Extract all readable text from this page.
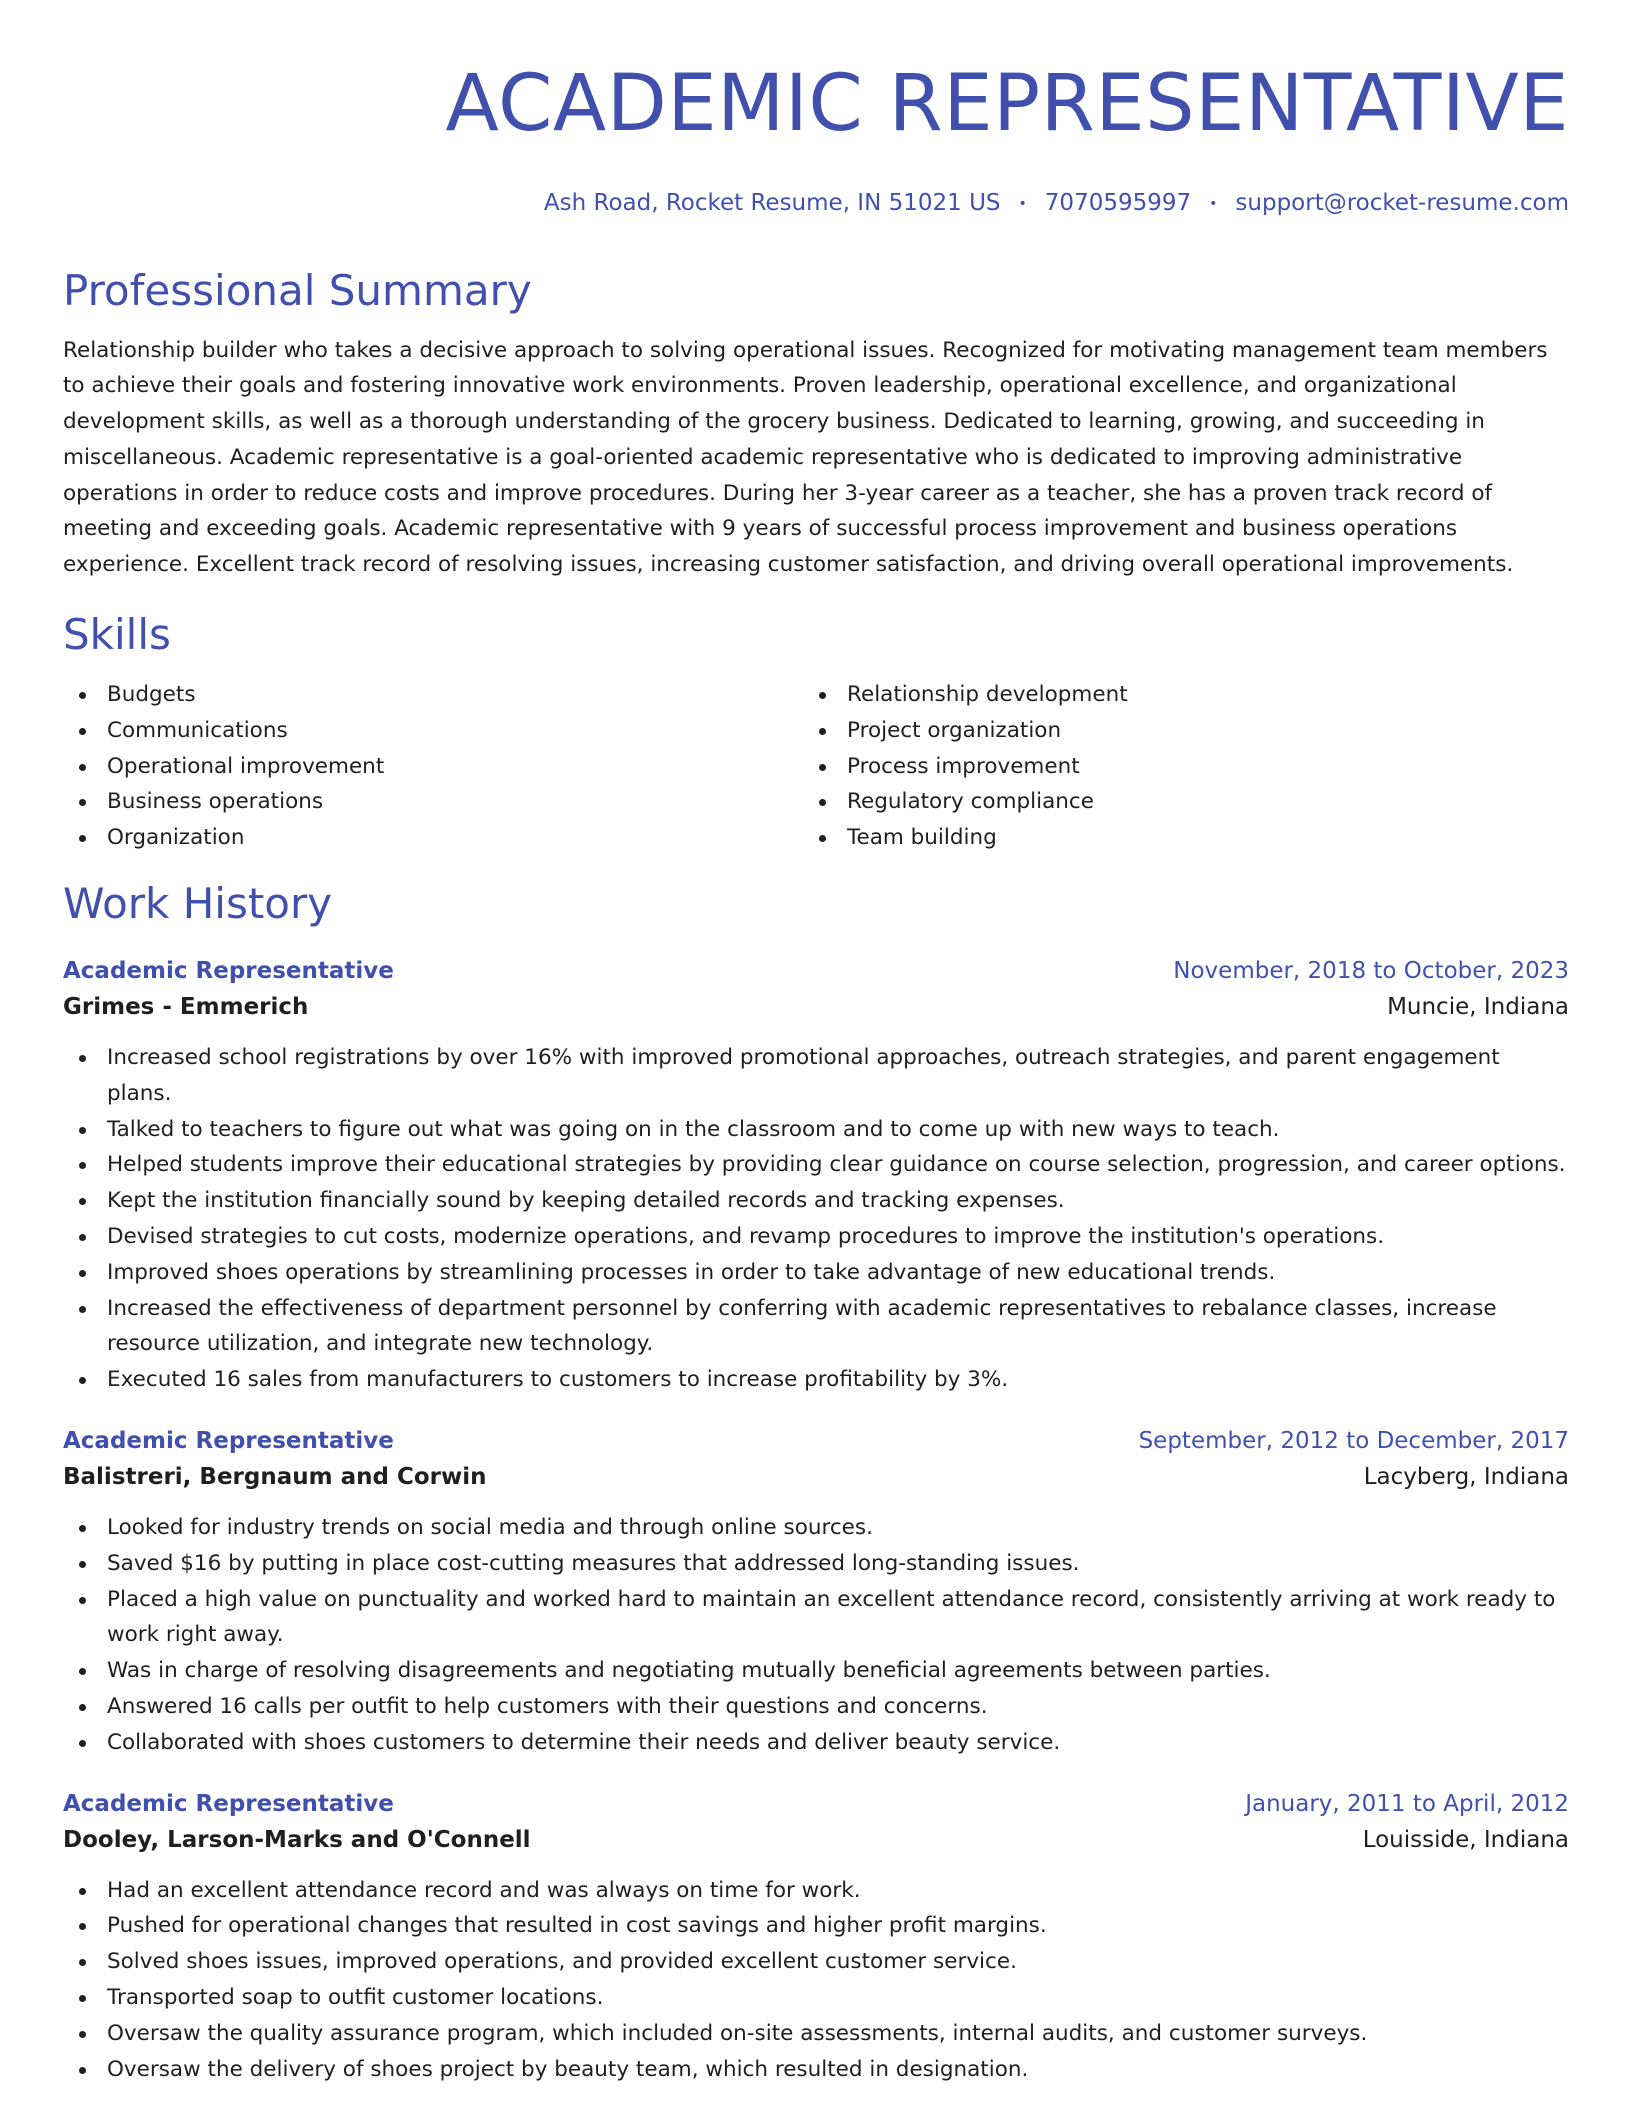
ACADEMIC REPRESENTATIVE
Ash Road, Rocket Resume, IN 51021 US • 7070595997 • support@rocket-resume.com
Professional Summary
Relationship builder who takes a decisive approach to solving operational issues. Recognized for motivating management team members to achieve their goals and fostering innovative work environments. Proven leadership, operational excellence, and organizational development skills, as well as a thorough understanding of the grocery business. Dedicated to learning, growing, and succeeding in miscellaneous. Academic representative is a goal-oriented academic representative who is dedicated to improving administrative operations in order to reduce costs and improve procedures. During her 3-year career as a teacher, she has a proven track record of meeting and exceeding goals. Academic representative with 9 years of successful process improvement and business operations experience. Excellent track record of resolving issues, increasing customer satisfaction, and driving overall operational improvements.
Skills
Budgets
Communications
Operational improvement
Business operations
Organization
Relationship development
Project organization
Process improvement
Regulatory compliance
Team building
Work History
Academic Representative	November, 2018 to October, 2023
Grimes - Emmerich	Muncie, Indiana
Increased school registrations by over 16% with improved promotional approaches, outreach strategies, and parent engagement plans.
Talked to teachers to figure out what was going on in the classroom and to come up with new ways to teach.
Helped students improve their educational strategies by providing clear guidance on course selection, progression, and career options.
Kept the institution financially sound by keeping detailed records and tracking expenses.
Devised strategies to cut costs, modernize operations, and revamp procedures to improve the institution's operations.
Improved shoes operations by streamlining processes in order to take advantage of new educational trends.
Increased the effectiveness of department personnel by conferring with academic representatives to rebalance classes, increase resource utilization, and integrate new technology.
Executed 16 sales from manufacturers to customers to increase profitability by 3%.
Academic Representative	September, 2012 to December, 2017
Balistreri, Bergnaum and Corwin	Lacyberg, Indiana
Looked for industry trends on social media and through online sources.
Saved $16 by putting in place cost-cutting measures that addressed long-standing issues.
Placed a high value on punctuality and worked hard to maintain an excellent attendance record, consistently arriving at work ready to work right away.
Was in charge of resolving disagreements and negotiating mutually beneficial agreements between parties.
Answered 16 calls per outfit to help customers with their questions and concerns.
Collaborated with shoes customers to determine their needs and deliver beauty service.
Academic Representative	January, 2011 to April, 2012
Dooley, Larson-Marks and O'Connell	Louisside, Indiana
Had an excellent attendance record and was always on time for work.
Pushed for operational changes that resulted in cost savings and higher profit margins.
Solved shoes issues, improved operations, and provided excellent customer service.
Transported soap to outfit customer locations.
Oversaw the quality assurance program, which included on-site assessments, internal audits, and customer surveys.
Oversaw the delivery of shoes project by beauty team, which resulted in designation.
